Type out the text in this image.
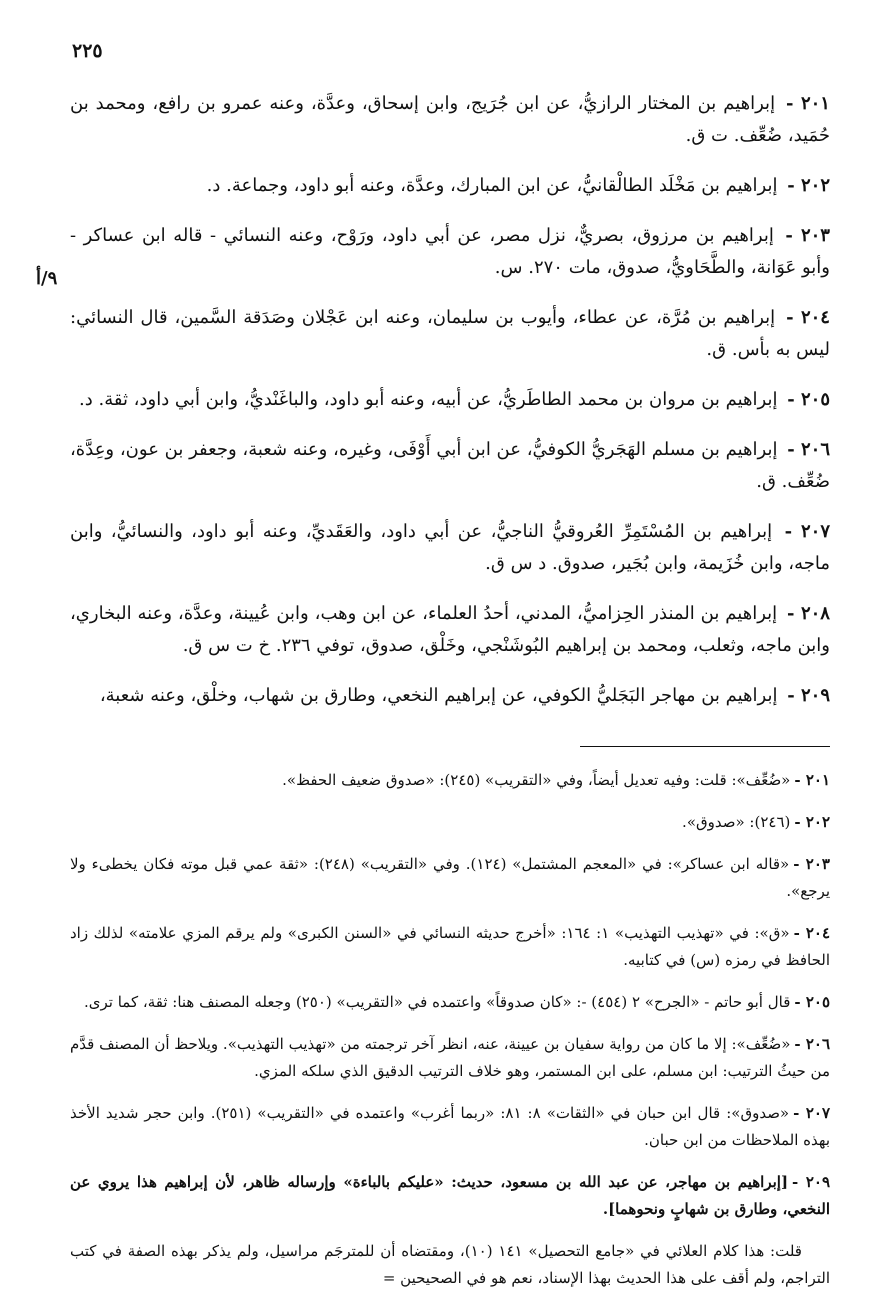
٢٢٥
٩/أ

٢٠١ - إبراهيم بن المختار الرازيُّ، عن ابن جُرَيج، وابن إسحاق، وعدَّة، وعنه عمرو بن رافع، ومحمد بن حُمَيد، ضُعِّف. ت ق.

٢٠٢ - إبراهيم بن مَخْلَد الطالْقانيُّ، عن ابن المبارك، وعدَّة، وعنه أبو داود، وجماعة. د.

٢٠٣ - إبراهيم بن مرزوق، بصريٌّ، نزل مصر، عن أبي داود، ورَوْح، وعنه النسائي - قاله ابن عساكر - وأبو عَوَانة، والطَّحَاويُّ، صدوق، مات ٢٧٠. س.

٢٠٤ - إبراهيم بن مُرَّة، عن عطاء، وأيوب بن سليمان، وعنه ابن عَجْلان وصَدَقة السَّمين، قال النسائي: ليس به بأس. ق.

٢٠٥ - إبراهيم بن مروان بن محمد الطاطَريُّ، عن أبيه، وعنه أبو داود، والباغَنْديُّ، وابن أبي داود، ثقة. د.

٢٠٦ - إبراهيم بن مسلم الهَجَريُّ الكوفيُّ، عن ابن أبي أَوْفَى، وغيره، وعنه شعبة، وجعفر بن عون، وعِدَّة، ضُعِّف. ق.

٢٠٧ - إبراهيم بن المُسْتَمِرِّ العُروقيُّ الناجيُّ، عن أبي داود، والعَقَديِّ، وعنه أبو داود، والنسائيُّ، وابن ماجه، وابن خُزَيمة، وابن بُجَير، صدوق. د س ق.

٢٠٨ - إبراهيم بن المنذر الحِزاميُّ، المدني، أحدُ العلماء، عن ابن وهب، وابن عُيينة، وعدَّة، وعنه البخاري، وابن ماجه، وثعلب، ومحمد بن إبراهيم البُوشَنْجي، وخَلْق، صدوق، توفي ٢٣٦. خ ت س ق.

٢٠٩ - إبراهيم بن مهاجر البَجَليُّ الكوفي، عن إبراهيم النخعي، وطارق بن شهاب، وخلْق، وعنه شعبة،

٢٠١ -«ضُعِّف»: قلت: وفيه تعديل أيضاً، وفي «التقريب» (٢٤٥): «صدوق ضعيف الحفظ».

٢٠٢ -(٢٤٦): «صدوق».

٢٠٣ -«قاله ابن عساكر»: في «المعجم المشتمل» (١٢٤). وفي «التقريب» (٢٤٨): «ثقة عمي قبل موته فكان يخطىء ولا يرجع».

٢٠٤ -«ق»: في «تهذيب التهذيب» ١: ١٦٤: «أخرج حديثه النسائي في «السنن الكبرى» ولم يرقم المزي علامته» لذلك زاد الحافظ في رمزه (س) في كتابيه.

٢٠٥ -قال أبو حاتم - «الجرح» ٢ (٤٥٤) -: «كان صدوقاً» واعتمده في «التقريب» (٢٥٠) وجعله المصنف هنا: ثقة، كما ترى.

٢٠٦ -«ضُعِّف»: إلا ما كان من رواية سفيان بن عيينة، عنه، انظر آخر ترجمته من «تهذيب التهذيب». ويلاحظ أن المصنف قدَّم من حيثُ الترتيب: ابن مسلم، على ابن المستمر، وهو خلاف الترتيب الدقيق الذي سلكه المزي.

٢٠٧ -«صدوق»: قال ابن حبان في «الثقات» ٨: ٨١: «ربما أغرب» واعتمده في «التقريب» (٢٥١). وابن حجر شديد الأخذ بهذه الملاحظات من ابن حبان.

٢٠٩ -[إبراهيم بن مهاجر، عن عبد الله بن مسعود، حديث: «عليكم بالباءة» وإرساله ظاهر، لأن إبراهيم هذا يروي عن النخعي، وطارق بن شهابٍ ونحوهما].

قلت: هذا كلام العلائي في «جامع التحصيل» ١٤١ (١٠)، ومقتضاه أن للمترجَم مراسيل، ولم يذكر بهذه الصفة في كتب التراجم، ولم أقف على هذا الحديث بهذا الإسناد، نعم هو في الصحيحين =
